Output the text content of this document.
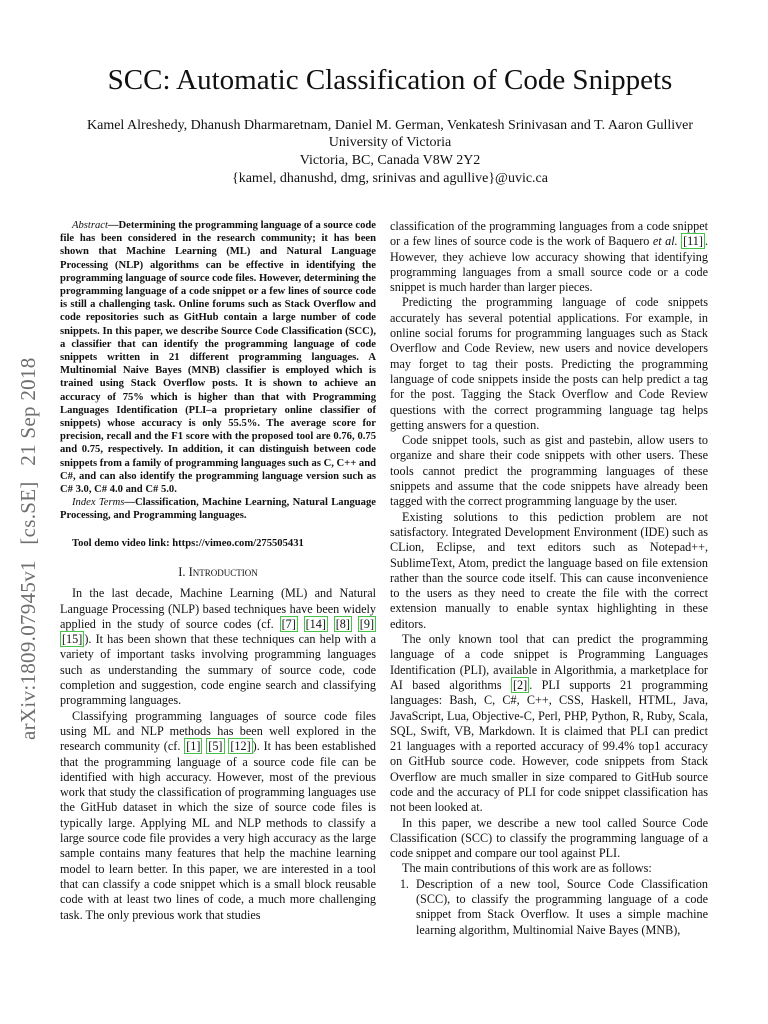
arXiv:1809.07945v1 [cs.SE] 21 Sep 2018
SCC: Automatic Classification of Code Snippets
Kamel Alreshedy, Dhanush Dharmaretnam, Daniel M. German, Venkatesh Srinivasan and T. Aaron Gulliver
University of Victoria
Victoria, BC, Canada V8W 2Y2
{kamel, dhanushd, dmg, srinivas and agullive}@uvic.ca

Abstract—Determining the programming language of a source code file has been considered in the research community; it has been shown that Machine Learning (ML) and Natural Language Processing (NLP) algorithms can be effective in identifying the programming language of source code files. However, determining the programming language of a code snippet or a few lines of source code is still a challenging task. Online forums such as Stack Overflow and code repositories such as GitHub contain a large number of code snippets. In this paper, we describe Source Code Classification (SCC), a classifier that can identify the programming language of code snippets written in 21 different programming languages. A Multinomial Naive Bayes (MNB) classifier is employed which is trained using Stack Overflow posts. It is shown to achieve an accuracy of 75% which is higher than that with Programming Languages Identification (PLI–a proprietary online classifier of snippets) whose accuracy is only 55.5%. The average score for precision, recall and the F1 score with the proposed tool are 0.76, 0.75 and 0.75, respectively. In addition, it can distinguish between code snippets from a family of programming languages such as C, C++ and C#, and can also identify the programming language version such as C# 3.0, C# 4.0 and C# 5.0.

Index Terms—Classification, Machine Learning, Natural Language Processing, and Programming languages.

Tool demo video link: https://vimeo.com/275505431

I. Introduction

In the last decade, Machine Learning (ML) and Natural Language Processing (NLP) based techniques have been widely applied in the study of source codes (cf. [7] [14] [8] [9] [15] ). It has been shown that these techniques can help with a variety of important tasks involving programming languages such as understanding the summary of source code, code completion and suggestion, code engine search and classifying programming languages.

Classifying programming languages of source code files using ML and NLP methods has been well explored in the research community (cf. [1] [5] [12] ). It has been established that the programming language of a source code file can be identified with high accuracy. However, most of the previous work that study the classification of programming languages use the GitHub dataset in which the size of source code files is typically large. Applying ML and NLP methods to classify a large source code file provides a very high accuracy as the large sample contains many features that help the machine learning model to learn better. In this paper, we are interested in a tool that can classify a code snippet which is a small block reusable code with at least two lines of code, a much more challenging task. The only previous work that studies

classification of the programming languages from a code snippet or a few lines of source code is the work of Baquero et al. [11] . However, they achieve low accuracy showing that identifying programming languages from a small source code or a code snippet is much harder than larger pieces.

Predicting the programming language of code snippets accurately has several potential applications. For example, in online social forums for programming languages such as Stack Overflow and Code Review, new users and novice developers may forget to tag their posts. Predicting the programming language of code snippets inside the posts can help predict a tag for the post. Tagging the Stack Overflow and Code Review questions with the correct programming language tag helps getting answers for a question.

Code snippet tools, such as gist and pastebin, allow users to organize and share their code snippets with other users. These tools cannot predict the programming languages of these snippets and assume that the code snippets have already been tagged with the correct programming language by the user.

Existing solutions to this pediction problem are not satisfactory. Integrated Development Environment (IDE) such as CLion, Eclipse, and text editors such as Notepad++, SublimeText, Atom, predict the language based on file extension rather than the source code itself. This can cause inconvenience to the users as they need to create the file with the correct extension manually to enable syntax highlighting in these editors.

The only known tool that can predict the programming language of a code snippet is Programming Languages Identification (PLI), available in Algorithmia, a marketplace for AI based algorithms [2] . PLI supports 21 programming languages: Bash, C, C#, C++, CSS, Haskell, HTML, Java, JavaScript, Lua, Objective-C, Perl, PHP, Python, R, Ruby, Scala, SQL, Swift, VB, Markdown. It is claimed that PLI can predict 21 languages with a reported accuracy of 99.4% top1 accuracy on GitHub source code. However, code snippets from Stack Overflow are much smaller in size compared to GitHub source code and the accuracy of PLI for code snippet classification has not been looked at.

In this paper, we describe a new tool called Source Code Classification (SCC) to classify the programming language of a code snippet and compare our tool against PLI.

The main contributions of this work are as follows:

1. Description of a new tool, Source Code Classification (SCC), to classify the programming language of a code snippet from Stack Overflow. It uses a simple machine learning algorithm, Multinomial Naive Bayes (MNB),
